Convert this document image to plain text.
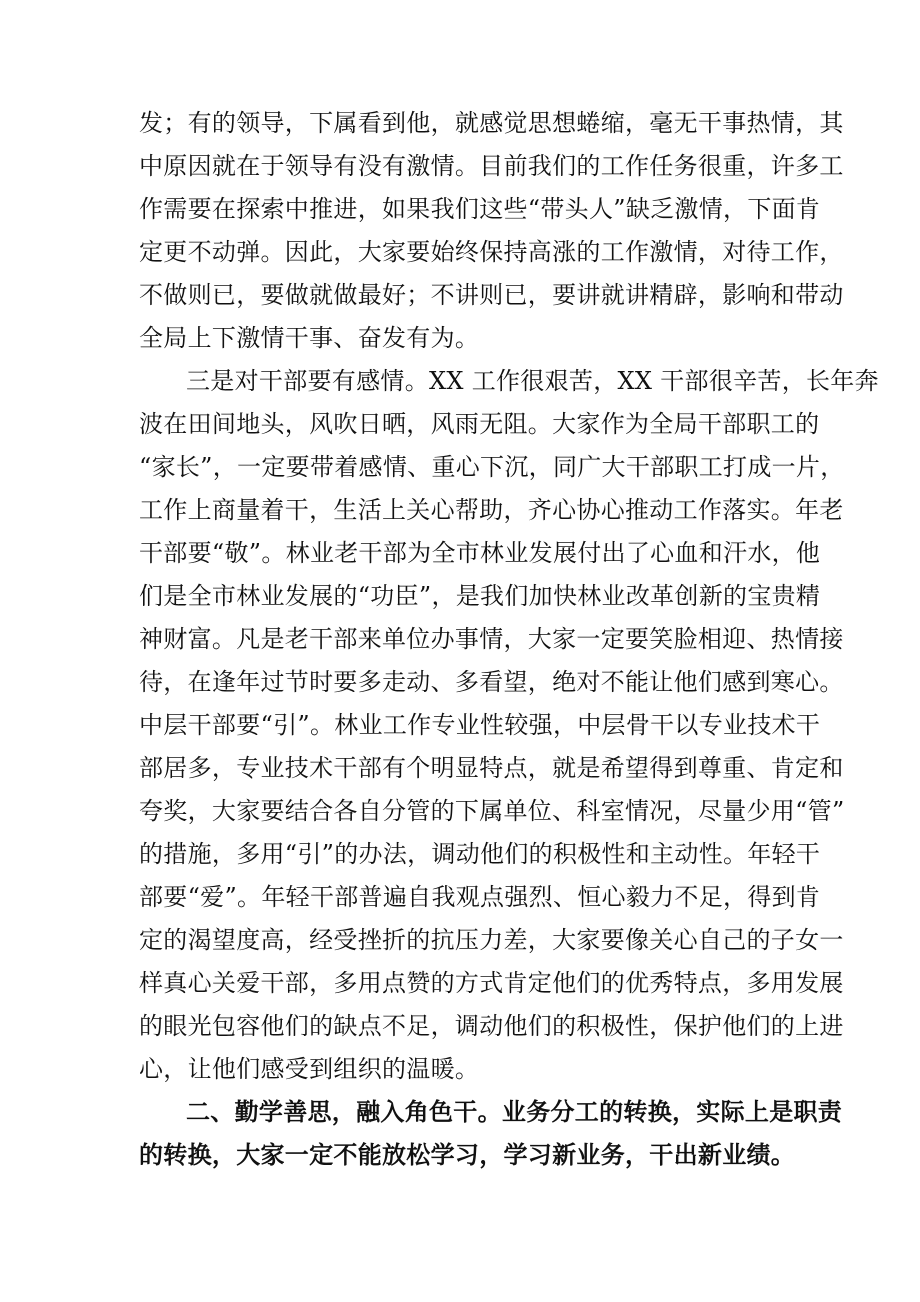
发；有的领导，下属看到他，就感觉思想蜷缩，毫无干事热情，其
中原因就在于领导有没有激情。目前我们的工作任务很重，许多工
作需要在探索中推进，如果我们这些“带头人”缺乏激情，下面肯
定更不动弹。因此，大家要始终保持高涨的工作激情，对待工作，
不做则已，要做就做最好；不讲则已，要讲就讲精辟，影响和带动
全局上下激情干事、奋发有为。
三是对干部要有感情。XX 工作很艰苦，XX 干部很辛苦，长年奔
波在田间地头，风吹日晒，风雨无阻。大家作为全局干部职工的
“家长”，一定要带着感情、重心下沉，同广大干部职工打成一片，
工作上商量着干，生活上关心帮助，齐心协心推动工作落实。年老
干部要“敬”。林业老干部为全市林业发展付出了心血和汗水，他
们是全市林业发展的“功臣”，是我们加快林业改革创新的宝贵精
神财富。凡是老干部来单位办事情，大家一定要笑脸相迎、热情接
待，在逢年过节时要多走动、多看望，绝对不能让他们感到寒心。
中层干部要“引”。林业工作专业性较强，中层骨干以专业技术干
部居多，专业技术干部有个明显特点，就是希望得到尊重、肯定和
夸奖，大家要结合各自分管的下属单位、科室情况，尽量少用“管”
的措施，多用“引”的办法，调动他们的积极性和主动性。年轻干
部要“爱”。年轻干部普遍自我观点强烈、恒心毅力不足，得到肯
定的渴望度高，经受挫折的抗压力差，大家要像关心自己的子女一
样真心关爱干部，多用点赞的方式肯定他们的优秀特点，多用发展
的眼光包容他们的缺点不足，调动他们的积极性，保护他们的上进
心，让他们感受到组织的温暖。
二、勤学善思，融入角色干。业务分工的转换，实际上是职责
的转换，大家一定不能放松学习，学习新业务，干出新业绩。
